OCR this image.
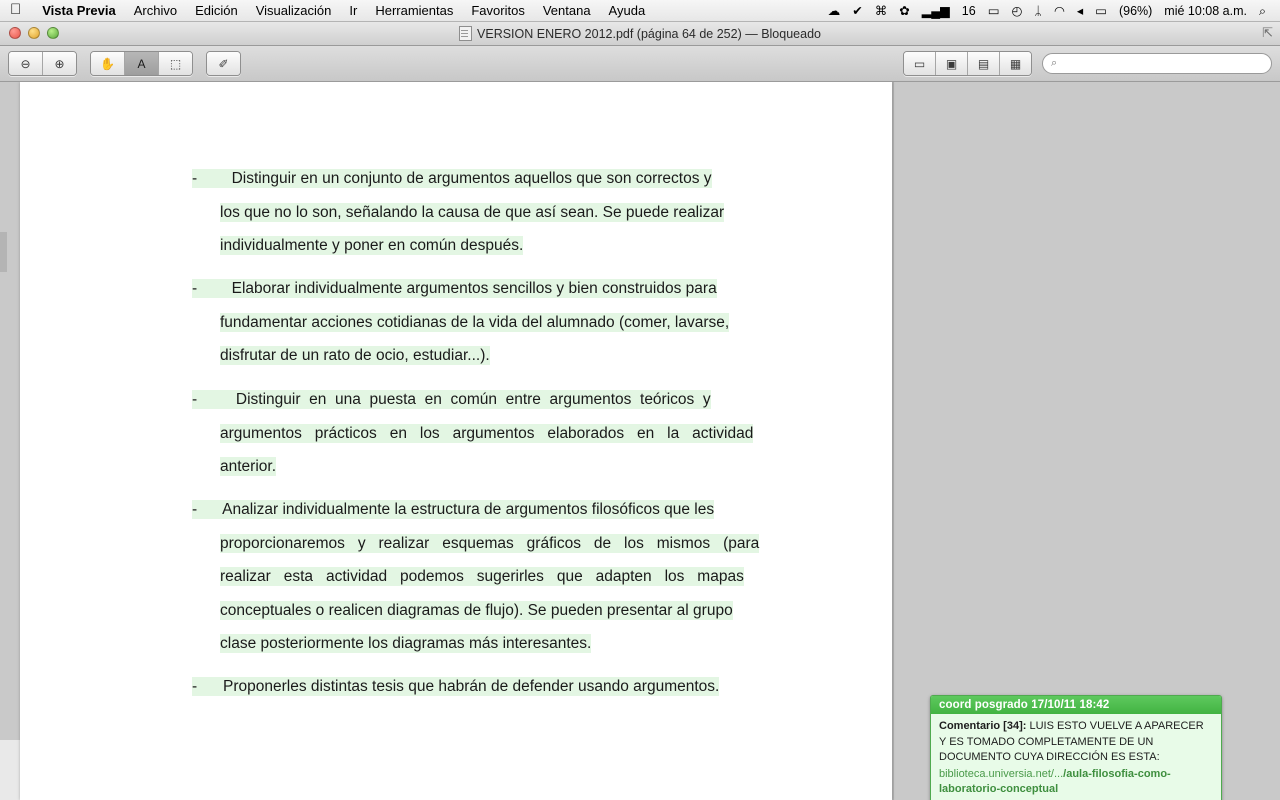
Vista Previa	Archivo	Edición	Visualización	Ir	Herramientas	Favoritos	Ventana	Ayuda	☁ ✔ ⌘ ✿ ▂▄▆ 16 ▭ ◴ ᛦ ◠ ◂ ▭ (96%) mié 10:08 a.m. ⌕
VERSION ENERO 2012.pdf (página 64 de 252) — Bloqueado	⇱
⊖	⊕	✋	A	⬚	✐	▭	▣	▤	▦	⌕
-        Distinguir en un conjunto de argumentos aquellos que son correctos y
los que no lo son, señalando la causa de que así sean. Se puede realizar
individualmente y poner en común después.
-        Elaborar individualmente argumentos sencillos y bien construidos para
fundamentar acciones cotidianas de la vida del alumnado (comer, lavarse,
disfrutar de un rato de ocio, estudiar...).
-         Distinguir  en  una  puesta  en  común  entre  argumentos  teóricos  y
argumentos   prácticos   en   los   argumentos   elaborados   en   la   actividad
anterior.
-      Analizar individualmente la estructura de argumentos filosóficos que les
proporcionaremos   y   realizar   esquemas   gráficos   de   los   mismos   (para
realizar   esta   actividad   podemos   sugerirles   que   adapten   los   mapas
conceptuales o realicen diagramas de flujo). Se pueden presentar al grupo
clase posteriormente los diagramas más interesantes.
-      Proponerles distintas tesis que habrán de defender usando argumentos.
coord posgrado 17/10/11 18:42
Comentario [34]: LUIS ESTO VUELVE A APARECER Y ES TOMADO COMPLETAMENTE DE UN DOCUMENTO CUYA DIRECCIÓN ES ESTA:
biblioteca.universia.net/.../aula-filosofia-como-laboratorio-conceptual
